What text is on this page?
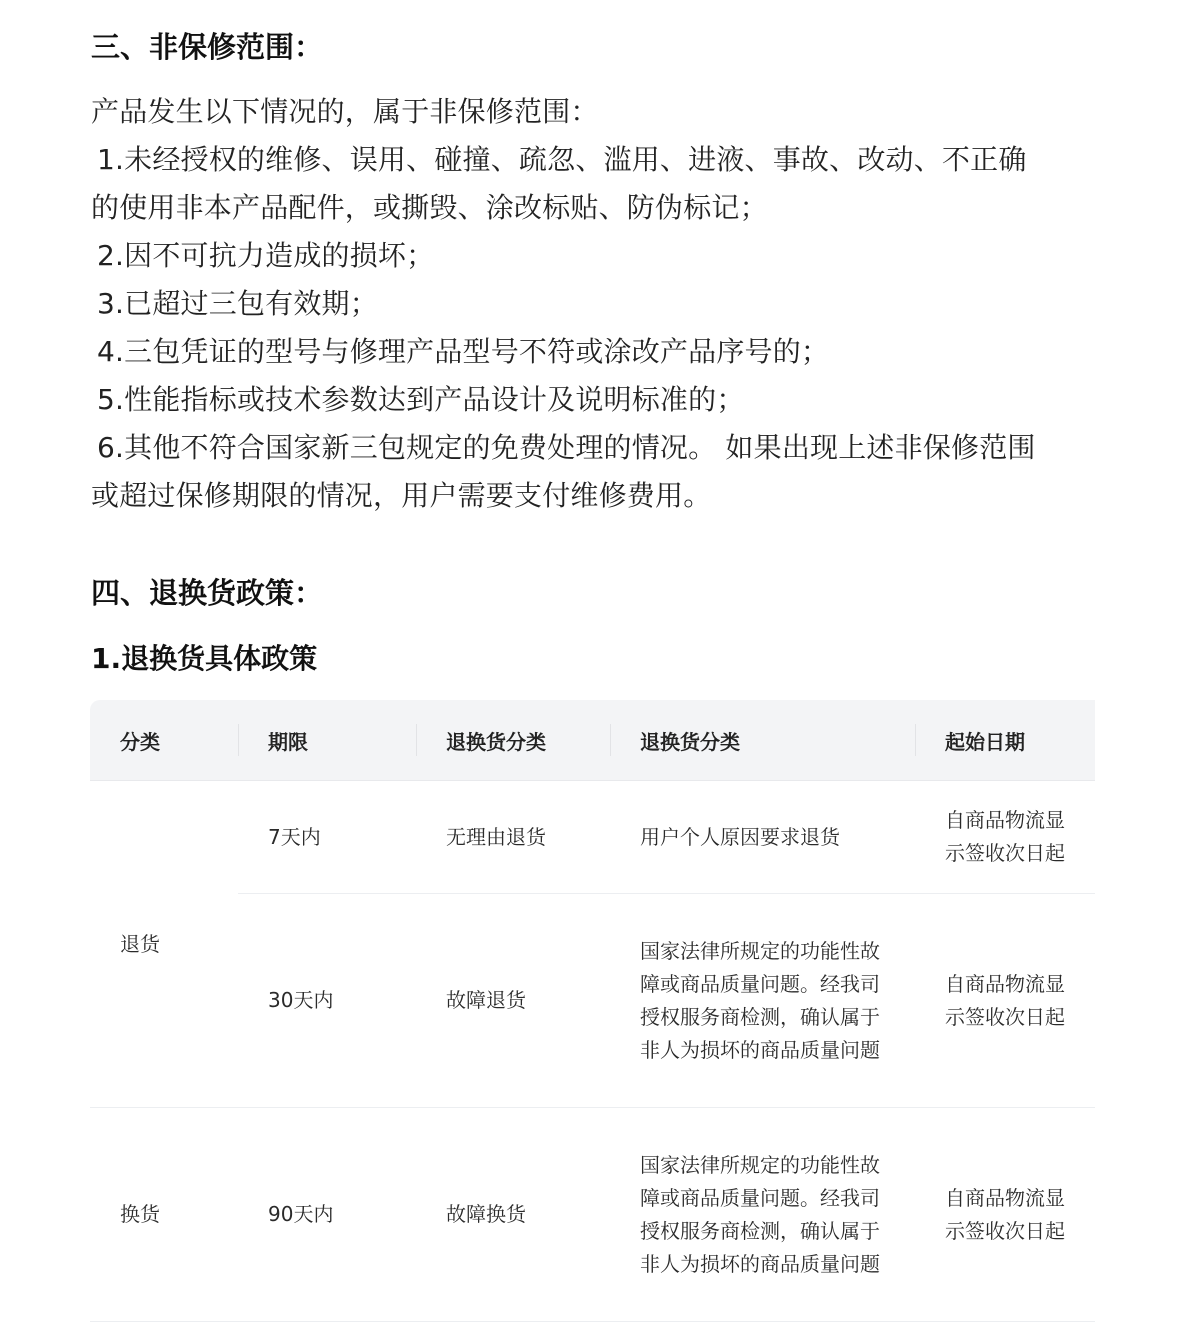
三、非保修范围：
产品发生以下情况的，属于非保修范围：
1.未经授权的维修、误用、碰撞、疏忽、滥用、进液、事故、改动、不正确
的使用非本产品配件，或撕毁、涂改标贴、防伪标记；
2.因不可抗力造成的损坏；
3.已超过三包有效期；
4.三包凭证的型号与修理产品型号不符或涂改产品序号的；
5.性能指标或技术参数达到产品设计及说明标准的；
6.其他不符合国家新三包规定的免费处理的情况。 如果出现上述非保修范围
或超过保修期限的情况，用户需要支付维修费用。
四、退换货政策：
1.退换货具体政策
分类	期限	退换货分类	退换货分类	起始日期
退货	7天内	无理由退货	用户个人原因要求退货	自商品物流显示签收次日起
	30天内	故障退货	国家法律所规定的功能性故障或商品质量问题。经我司授权服务商检测，确认属于非人为损坏的商品质量问题	自商品物流显示签收次日起
换货	90天内	故障换货	国家法律所规定的功能性故障或商品质量问题。经我司授权服务商检测，确认属于非人为损坏的商品质量问题	自商品物流显示签收次日起
